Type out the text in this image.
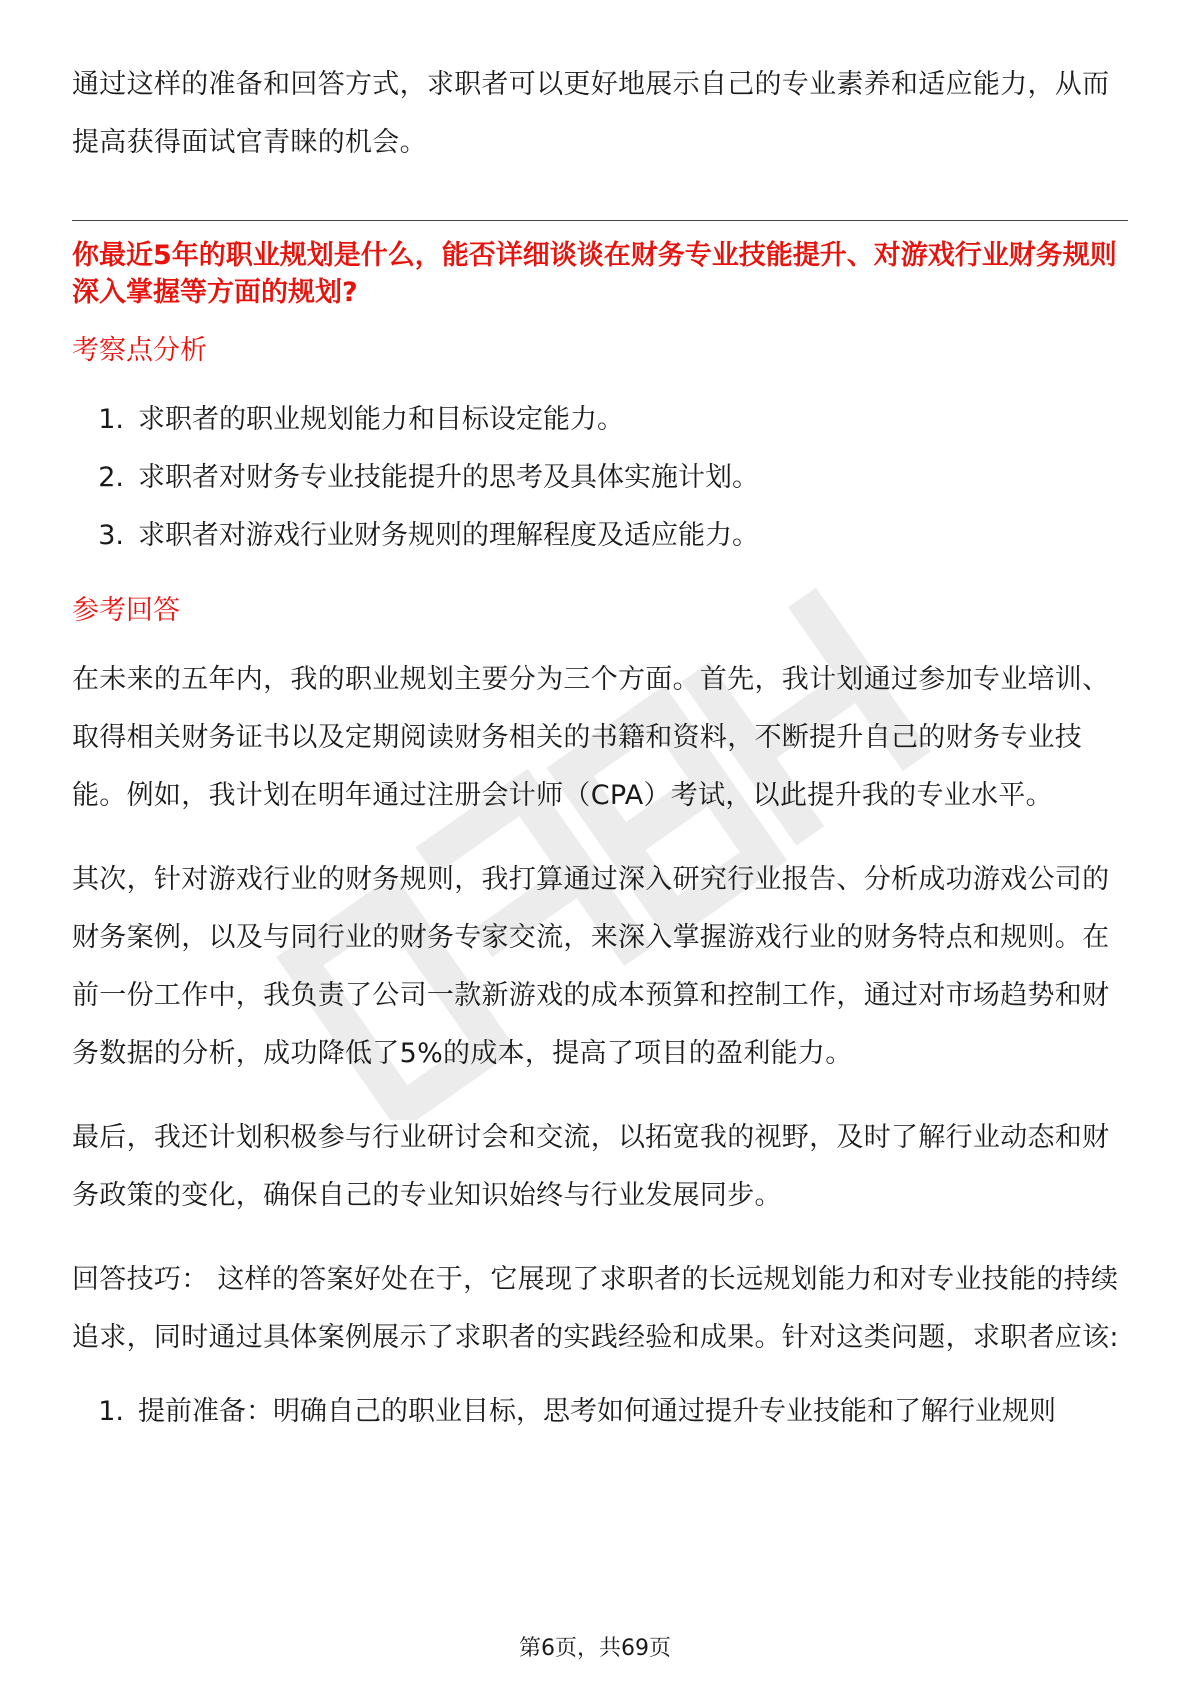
通过这样的准备和回答方式，求职者可以更好地展示自己的专业素养和适应能力，从而提高获得面试官青睐的机会。

你最近5年的职业规划是什么，能否详细谈谈在财务专业技能提升、对游戏行业财务规则深入掌握等方面的规划?

考察点分析
1. 求职者的职业规划能力和目标设定能力。
2. 求职者对财务专业技能提升的思考及具体实施计划。
3. 求职者对游戏行业财务规则的理解程度及适应能力。
参考回答

在未来的五年内，我的职业规划主要分为三个方面。首先，我计划通过参加专业培训、取得相关财务证书以及定期阅读财务相关的书籍和资料，不断提升自己的财务专业技能。例如，我计划在明年通过注册会计师（CPA）考试，以此提升我的专业水平。

其次，针对游戏行业的财务规则，我打算通过深入研究行业报告、分析成功游戏公司的财务案例，以及与同行业的财务专家交流，来深入掌握游戏行业的财务特点和规则。在前一份工作中，我负责了公司一款新游戏的成本预算和控制工作，通过对市场趋势和财务数据的分析，成功降低了5%的成本，提高了项目的盈利能力。

最后，我还计划积极参与行业研讨会和交流，以拓宽我的视野，及时了解行业动态和财务政策的变化，确保自己的专业知识始终与行业发展同步。

回答技巧： 这样的答案好处在于，它展现了求职者的长远规划能力和对专业技能的持续追求，同时通过具体案例展示了求职者的实践经验和成果。针对这类问题，求职者应该:

1. 提前准备：明确自己的职业目标，思考如何通过提升专业技能和了解行业规则
第6页，共69页
